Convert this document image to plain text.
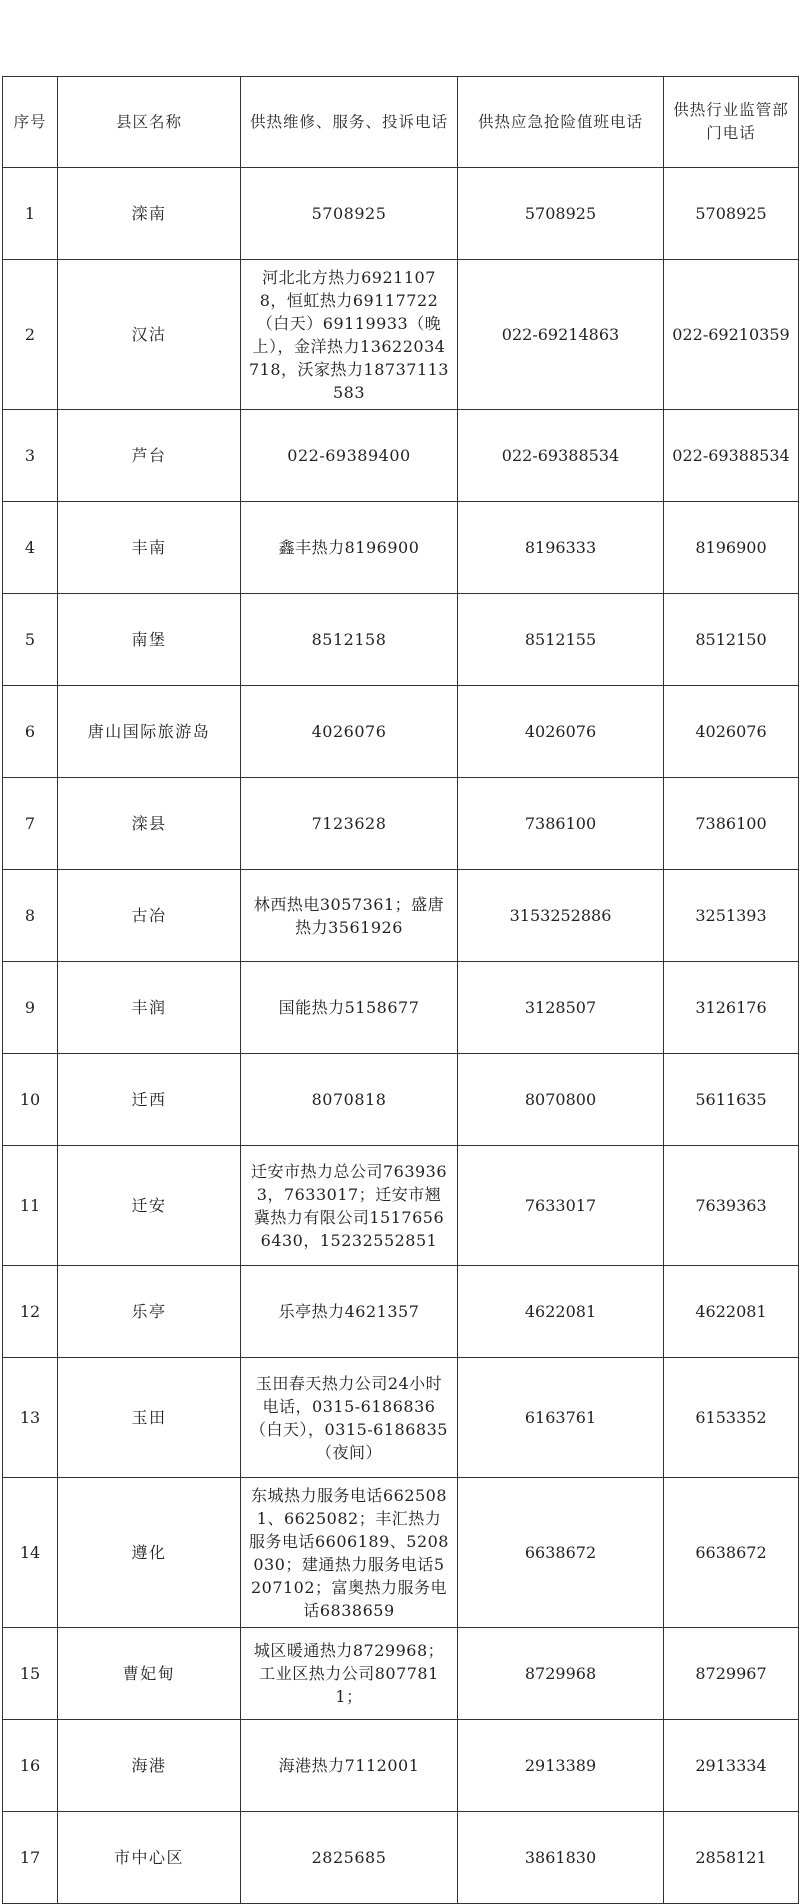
序号	县区名称	供热维修、服务、投诉电话	供热应急抢险值班电话	供热行业监管部门电话
1	滦南	5708925	5708925	5708925
2	汉沽	河北北方热力69211078，恒虹热力69117722（白天）69119933（晚上），金洋热力13622034718，沃家热力18737113583	022-69214863	022-69210359
3	芦台	022-69389400	022-69388534	022-69388534
4	丰南	鑫丰热力8196900	8196333	8196900
5	南堡	8512158	8512155	8512150
6	唐山国际旅游岛	4026076	4026076	4026076
7	滦县	7123628	7386100	7386100
8	古冶	林西热电3057361；盛唐热力3561926	3153252886	3251393
9	丰润	国能热力5158677	3128507	3126176
10	迁西	8070818	8070800	5611635
11	迁安	迁安市热力总公司7639363，7633017；迁安市翘冀热力有限公司15176566430，15232552851	7633017	7639363
12	乐亭	乐亭热力4621357	4622081	4622081
13	玉田	玉田春天热力公司24小时电话，0315-6186836（白天），0315-6186835（夜间）	6163761	6153352
14	遵化	东城热力服务电话6625081、6625082；丰汇热力服务电话6606189、5208030；建通热力服务电话5207102；富奥热力服务电话6838659	6638672	6638672
15	曹妃甸	城区暖通热力8729968；工业区热力公司8077811；	8729968	8729967
16	海港	海港热力7112001	2913389	2913334
17	市中心区	2825685	3861830	2858121
